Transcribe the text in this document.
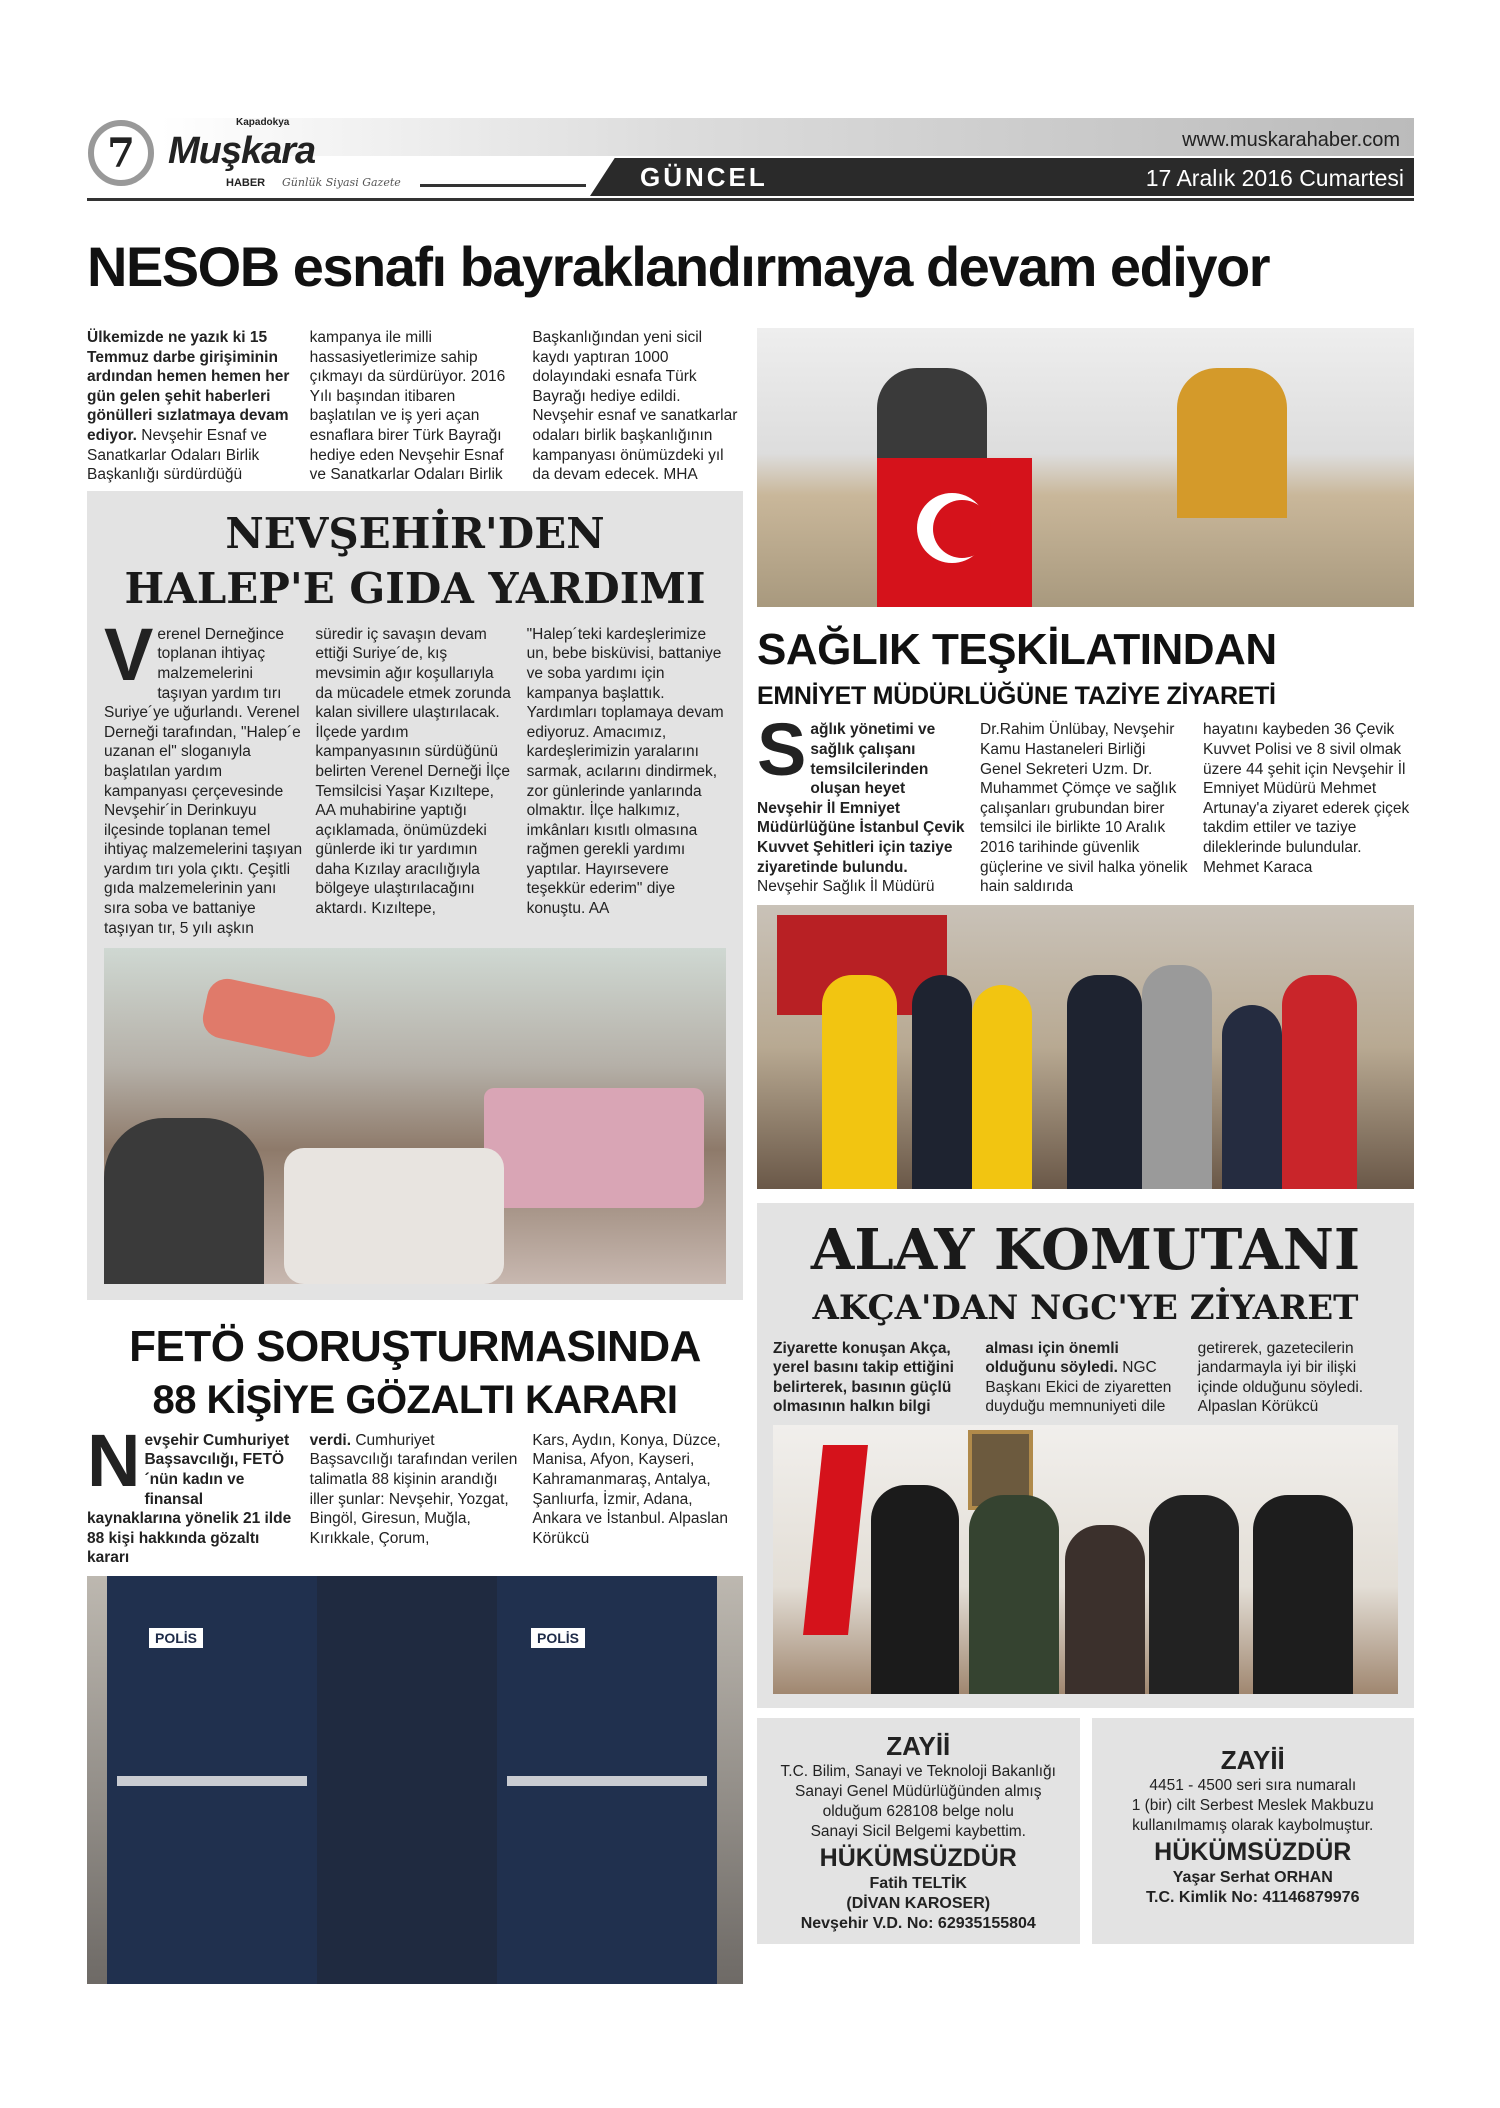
7
Kapadokya
Muşkara
HABER Günlük Siyasi Gazete
www.muskarahaber.com
GÜNCEL	17 Aralık 2016 Cumartesi
NESOB esnafı bayraklandırmaya devam ediyor
Ülkemizde ne yazık ki 15 Temmuz darbe girişiminin ardından hemen hemen her gün gelen şehit haberleri gönülleri sızlatmaya devam ediyor. Nevşehir Esnaf ve Sanatkarlar Odaları Birlik Başkanlığı sürdürdüğü
kampanya ile milli hassasiyetlerimize sahip çıkmayı da sürdürüyor. 2016 Yılı başından itibaren başlatılan ve iş yeri açan esnaflara birer Türk Bayrağı hediye eden Nevşehir Esnaf ve Sanatkarlar Odaları Birlik
Başkanlığından yeni sicil kaydı yaptıran 1000 dolayındaki esnafa Türk Bayrağı hediye edildi. Nevşehir esnaf ve sanatkarlar odaları birlik başkanlığının kampanyası önümüzdeki yıl da devam edecek. MHA
NEVŞEHİR'DEN
HALEP'E GIDA YARDIMI
Verenel Derneğince toplanan ihtiyaç malzemelerini taşıyan yardım tırı Suriye´ye uğurlandı. Verenel Derneği tarafından, "Halep´e uzanan el" sloganıyla başlatılan yardım kampanyası çerçevesinde Nevşehir´in Derinkuyu ilçesinde toplanan temel ihtiyaç malzemelerini taşıyan yardım tırı yola çıktı. Çeşitli gıda malzemelerinin yanı sıra soba ve battaniye taşıyan tır, 5 yılı aşkın
süredir iç savaşın devam ettiği Suriye´de, kış mevsimin ağır koşullarıyla da mücadele etmek zorunda kalan sivillere ulaştırılacak. İlçede yardım kampanyasının sürdüğünü belirten Verenel Derneği İlçe Temsilcisi Yaşar Kızıltepe, AA muhabirine yaptığı açıklamada, önümüzdeki günlerde iki tır yardımın daha Kızılay aracılığıyla bölgeye ulaştırılacağını aktardı. Kızıltepe,
"Halep´teki kardeşlerimize un, bebe bisküvisi, battaniye ve soba yardımı için kampanya başlattık. Yardımları toplamaya devam ediyoruz. Amacımız, kardeşlerimizin yaralarını sarmak, acılarını dindirmek, zor günlerinde yanlarında olmaktır. İlçe halkımız, imkânları kısıtlı olmasına rağmen gerekli yardımı yaptılar. Hayırsevere teşekkür ederim" diye konuştu. AA
FETÖ SORUŞTURMASINDA
88 KİŞİYE GÖZALTI KARARI
Nevşehir Cumhuriyet Başsavcılığı, FETÖ´nün kadın ve finansal kaynaklarına yönelik 21 ilde 88 kişi hakkında gözaltı kararı
verdi. Cumhuriyet Başsavcılığı tarafından verilen talimatla 88 kişinin arandığı iller şunlar: Nevşehir, Yozgat, Bingöl, Giresun, Muğla, Kırıkkale, Çorum,
Kars, Aydın, Konya, Düzce, Manisa, Afyon, Kayseri, Kahramanmaraş, Antalya, Şanlıurfa, İzmir, Adana, Ankara ve İstanbul. Alpaslan Körükcü
POLİS	POLİS
SAĞLIK TEŞKİLATINDAN
EMNİYET MÜDÜRLÜĞÜNE TAZİYE ZİYARETİ
Sağlık yönetimi ve sağlık çalışanı temsilcilerinden oluşan heyet Nevşehir İl Emniyet Müdürlüğüne İstanbul Çevik Kuvvet Şehitleri için taziye ziyaretinde bulundu. Nevşehir Sağlık İl Müdürü
Dr.Rahim Ünlübay, Nevşehir Kamu Hastaneleri Birliği Genel Sekreteri Uzm. Dr. Muhammet Çömçe ve sağlık çalışanları grubundan birer temsilci ile birlikte 10 Aralık 2016 tarihinde güvenlik güçlerine ve sivil halka yönelik hain saldırıda
hayatını kaybeden 36 Çevik Kuvvet Polisi ve 8 sivil olmak üzere 44 şehit için Nevşehir İl Emniyet Müdürü Mehmet Artunay'a ziyaret ederek çiçek takdim ettiler ve taziye dileklerinde bulundular. Mehmet Karaca
ALAY KOMUTANI
AKÇA'DAN NGC'YE ZİYARET
Ziyarette konuşan Akça, yerel basını takip ettiğini belirterek, basının güçlü olmasının halkın bilgi
alması için önemli olduğunu söyledi. NGC Başkanı Ekici de ziyaretten duyduğu memnuniyeti dile
getirerek, gazetecilerin jandarmayla iyi bir ilişki içinde olduğunu söyledi. Alpaslan Körükcü
ZAYİİ
T.C. Bilim, Sanayi ve Teknoloji Bakanlığı
Sanayi Genel Müdürlüğünden almış
olduğum 628108 belge nolu
Sanayi Sicil Belgemi kaybettim.
HÜKÜMSÜZDÜR
Fatih TELTİK
(DİVAN KAROSER)
Nevşehir V.D. No: 62935155804
ZAYİİ
4451 - 4500 seri sıra numaralı
1 (bir) cilt Serbest Meslek Makbuzu
kullanılmamış olarak kaybolmuştur.
HÜKÜMSÜZDÜR
Yaşar Serhat ORHAN
T.C. Kimlik No: 41146879976
